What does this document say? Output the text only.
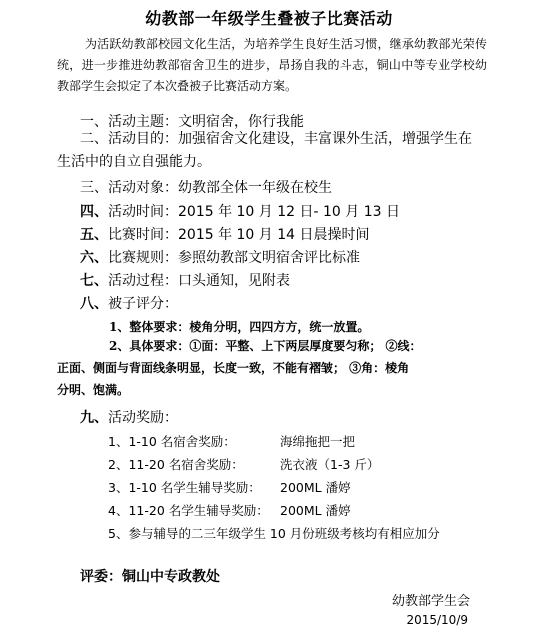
幼教部一年级学生叠被子比赛活动
为活跃幼教部校园文化生活，为培养学生良好生活习惯，继承幼教部光荣传统，进一步推进幼教部宿舍卫生的进步，昂扬自我的斗志，铜山中等专业学校幼教部学生会拟定了本次叠被子比赛活动方案。
一、活动主题：文明宿舍，你行我能
二、活动目的：加强宿舍文化建设，丰富课外生活，增强学生在
生活中的自立自强能力。
三、活动对象：幼教部全体一年级在校生
四、活动时间：2015 年 10 月 12 日- 10 月 13 日
五、比赛时间：2015 年 10 月 14 日晨操时间
六、比赛规则：参照幼教部文明宿舍评比标准
七、活动过程：口头通知，见附表
八、被子评分：
1、整体要求：棱角分明，四四方方，统一放置。
2、具体要求：①面：平整、上下两层厚度要匀称； ②线：
正面、侧面与背面线条明显，长度一致，不能有褶皱； ③角：棱角
分明、饱满。
九、活动奖励：
1、1-10 名宿舍奖励：	海绵拖把一把
2、11-20 名宿舍奖励：	洗衣液（1-3 斤）
3、1-10 名学生辅导奖励： 200ML 潘婷
4、11-20 名学生辅导奖励： 200ML 潘婷
5、参与辅导的二三年级学生 10 月份班级考核均有相应加分
评委：铜山中专政教处
幼教部学生会
2015/10/9
